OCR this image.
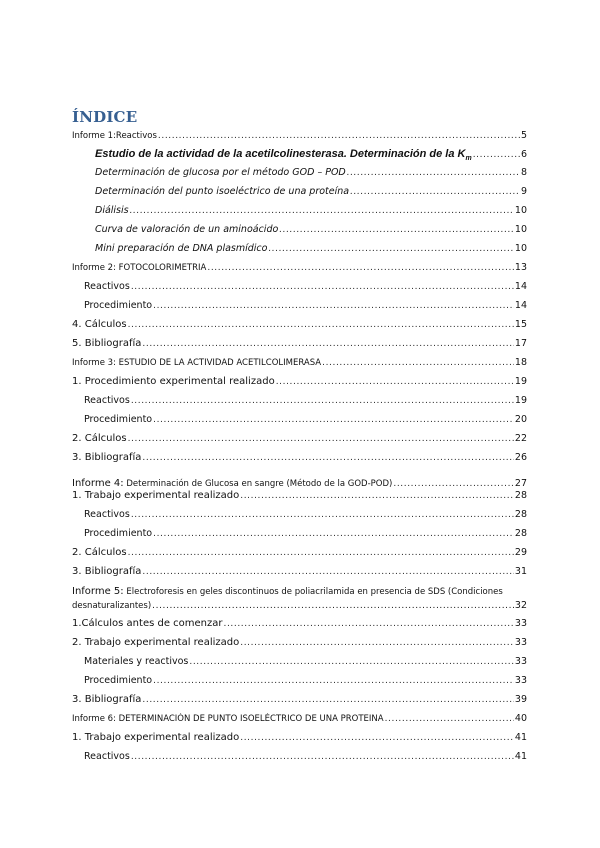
ÍNDICE
Informe 1:Reactivos .....	5
Estudio de la actividad de la acetilcolinesterasa. Determinación de la $K_m$ .....	6
Determinación de glucosa por el método GOD – POD .....	8
Determinación del punto isoeléctrico de una proteína .....	9
Diálisis .....	10
Curva de valoración de un aminoácido .....	10
Mini preparación de DNA plasmídico .....	10
Informe 2: FOTOCOLORIMETRIA .....	13
Reactivos .....	14
Procedimiento .....	14
4. Cálculos .....	15
5. Bibliografía .....	17
Informe 3: ESTUDIO DE LA ACTIVIDAD ACETILCOLIMERASA .....	18
1. Procedimiento experimental realizado .....	19
Reactivos .....	19
Procedimiento .....	20
2. Cálculos .....	22
3. Bibliografía .....	26
Informe 4: Determinación de Glucosa en sangre (Método de la GOD-POD) .....	27
1. Trabajo experimental realizado .....	28
Reactivos .....	28
Procedimiento .....	28
2. Cálculos .....	29
3. Bibliografía .....	31
Informe 5: Electroforesis en geles discontinuos de poliacrilamida en presencia de SDS (Condiciones
desnaturalizantes) .....	32
1.Cálculos antes de comenzar .....	33
2. Trabajo experimental realizado .....	33
Materiales y reactivos .....	33
Procedimiento .....	33
3. Bibliografía .....	39
Informe 6: DETERMINACIÓN DE PUNTO ISOELÉCTRICO DE UNA PROTEINA .....	40
1. Trabajo experimental realizado .....	41
Reactivos .....	41
